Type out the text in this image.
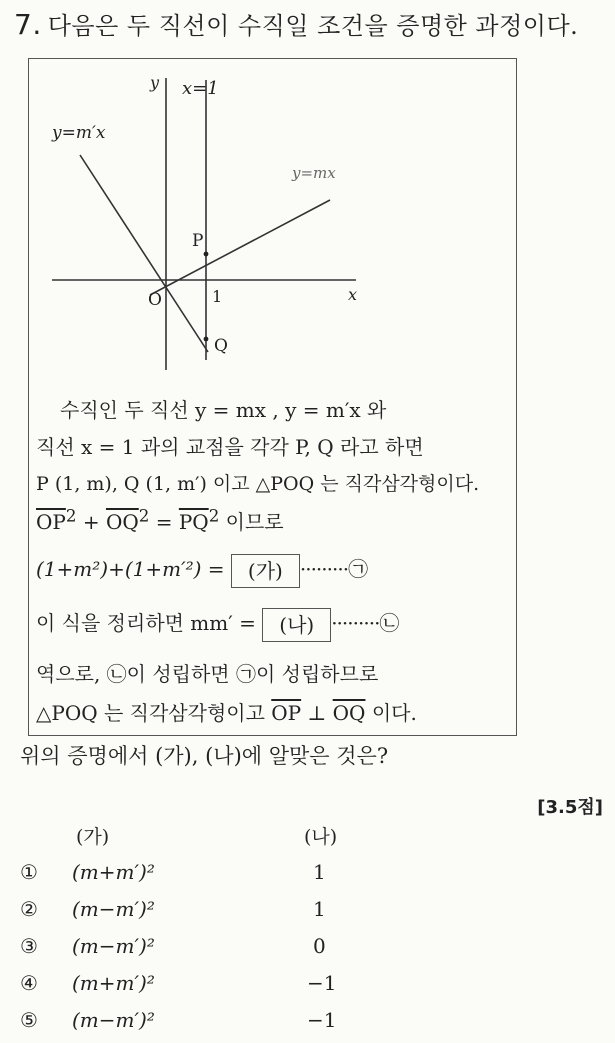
7. 다음은 두 직선이 수직일 조건을 증명한 과정이다.
y x=1
y=m′x
y=mx
P
O	1	x
Q
수직인 두 직선 y = mx , y = m′x 와
직선 x = 1 과의 교점을 각각 P, Q 라고 하면
P (1, m), Q (1, m′) 이고 △POQ 는 직각삼각형이다.
$\overline{OP}^2 + \overline{OQ}^2 = \overline{PQ}^2$ 이므로
(1+m²)+(1+m′²) = (가) ·········㉠
이 식을 정리하면 mm′ = (나) ·········㉡
역으로, ㉡이 성립하면 ㉠이 성립하므로
△POQ 는 직각삼각형이고 $\overline{OP}$ ⊥ $\overline{OQ}$ 이다.
위의 증명에서 (가), (나)에 알맞은 것은?
[3.5점]
(가)	(나)
① (m+m′)²	1
② (m−m′)²	1
③ (m−m′)²	0
④ (m+m′)²	−1
⑤ (m−m′)²	−1
